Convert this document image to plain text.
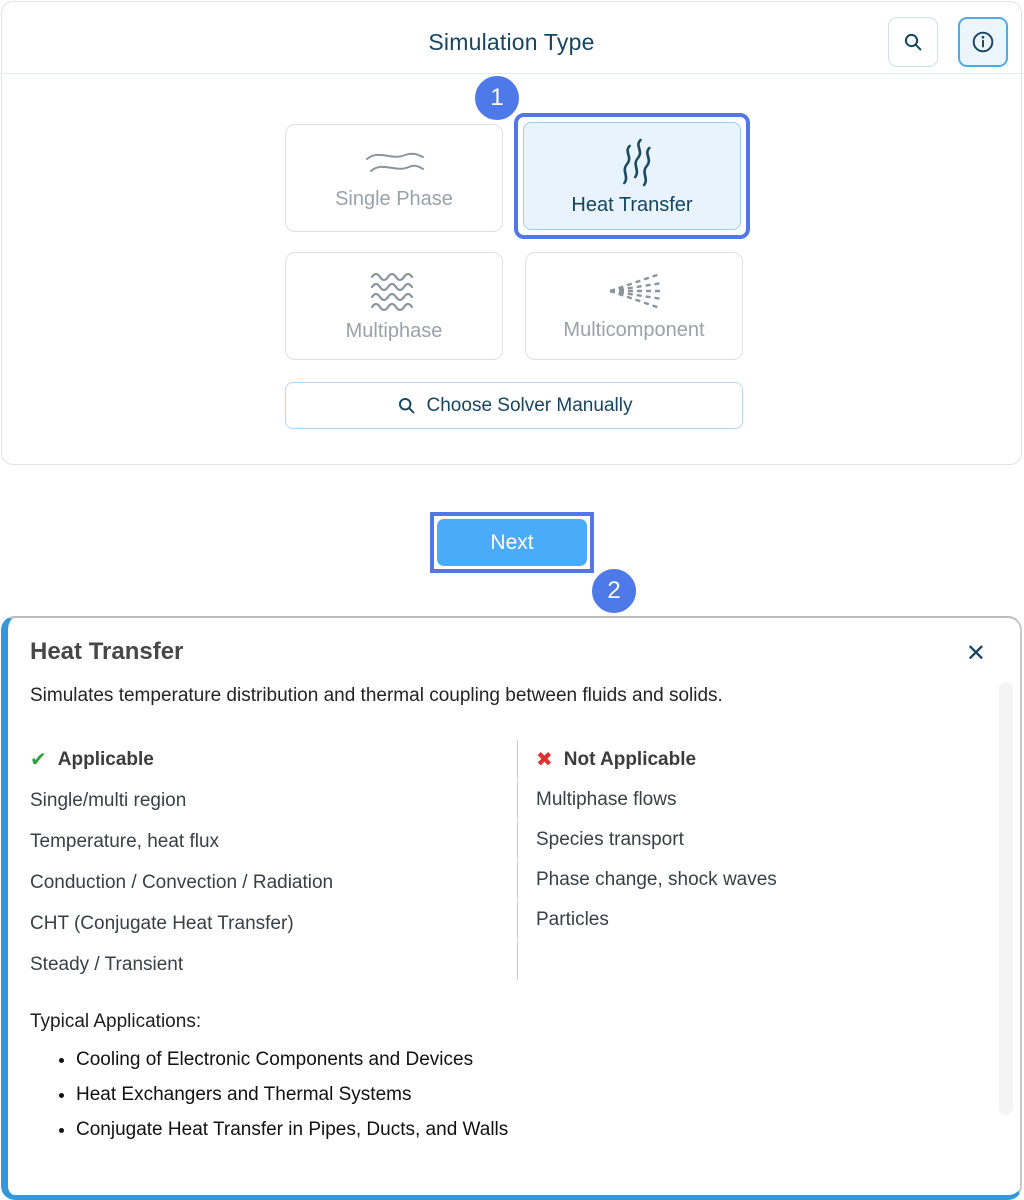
Simulation Type
1
Single Phase	Heat Transfer
Multiphase	Multicomponent
Choose Solver Manually
Next
2
✕
Heat Transfer
Simulates temperature distribution and thermal coupling between fluids and solids.
✔ Applicable
Single/multi region
Temperature, heat flux
Conduction / Convection / Radiation
CHT (Conjugate Heat Transfer)
Steady / Transient
✖ Not Applicable
Multiphase flows
Species transport
Phase change, shock waves
Particles
Typical Applications:
• Cooling of Electronic Components and Devices
• Heat Exchangers and Thermal Systems
• Conjugate Heat Transfer in Pipes, Ducts, and Walls
